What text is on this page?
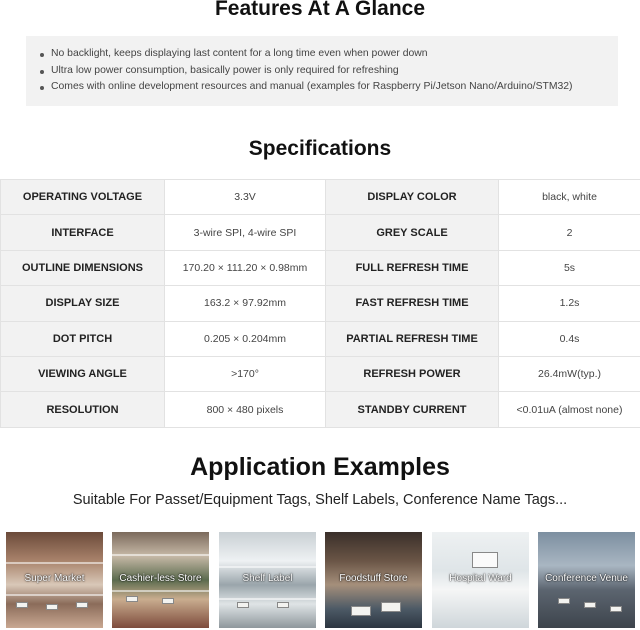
Features At A Glance
No backlight, keeps displaying last content for a long time even when power down
Ultra low power consumption, basically power is only required for refreshing
Comes with online development resources and manual (examples for Raspberry Pi/Jetson Nano/Arduino/STM32)
Specifications
OPERATING VOLTAGE	3.3V	DISPLAY COLOR	black, white
INTERFACE	3-wire SPI, 4-wire SPI	GREY SCALE	2
OUTLINE DIMENSIONS	170.20 × 111.20 × 0.98mm	FULL REFRESH TIME	5s
DISPLAY SIZE	163.2 × 97.92mm	FAST REFRESH TIME	1.2s
DOT PITCH	0.205 × 0.204mm	PARTIAL REFRESH TIME	0.4s
VIEWING ANGLE	>170°	REFRESH POWER	26.4mW(typ.)
RESOLUTION	800 × 480 pixels	STANDBY CURRENT	<0.01uA (almost none)
Application Examples
Suitable For Passet/Equipment Tags, Shelf Labels, Conference Name Tags...
Super Market	Cashier-less Store	Shelf Label	Foodstuff Store	Hospital Ward	Conference Venue
